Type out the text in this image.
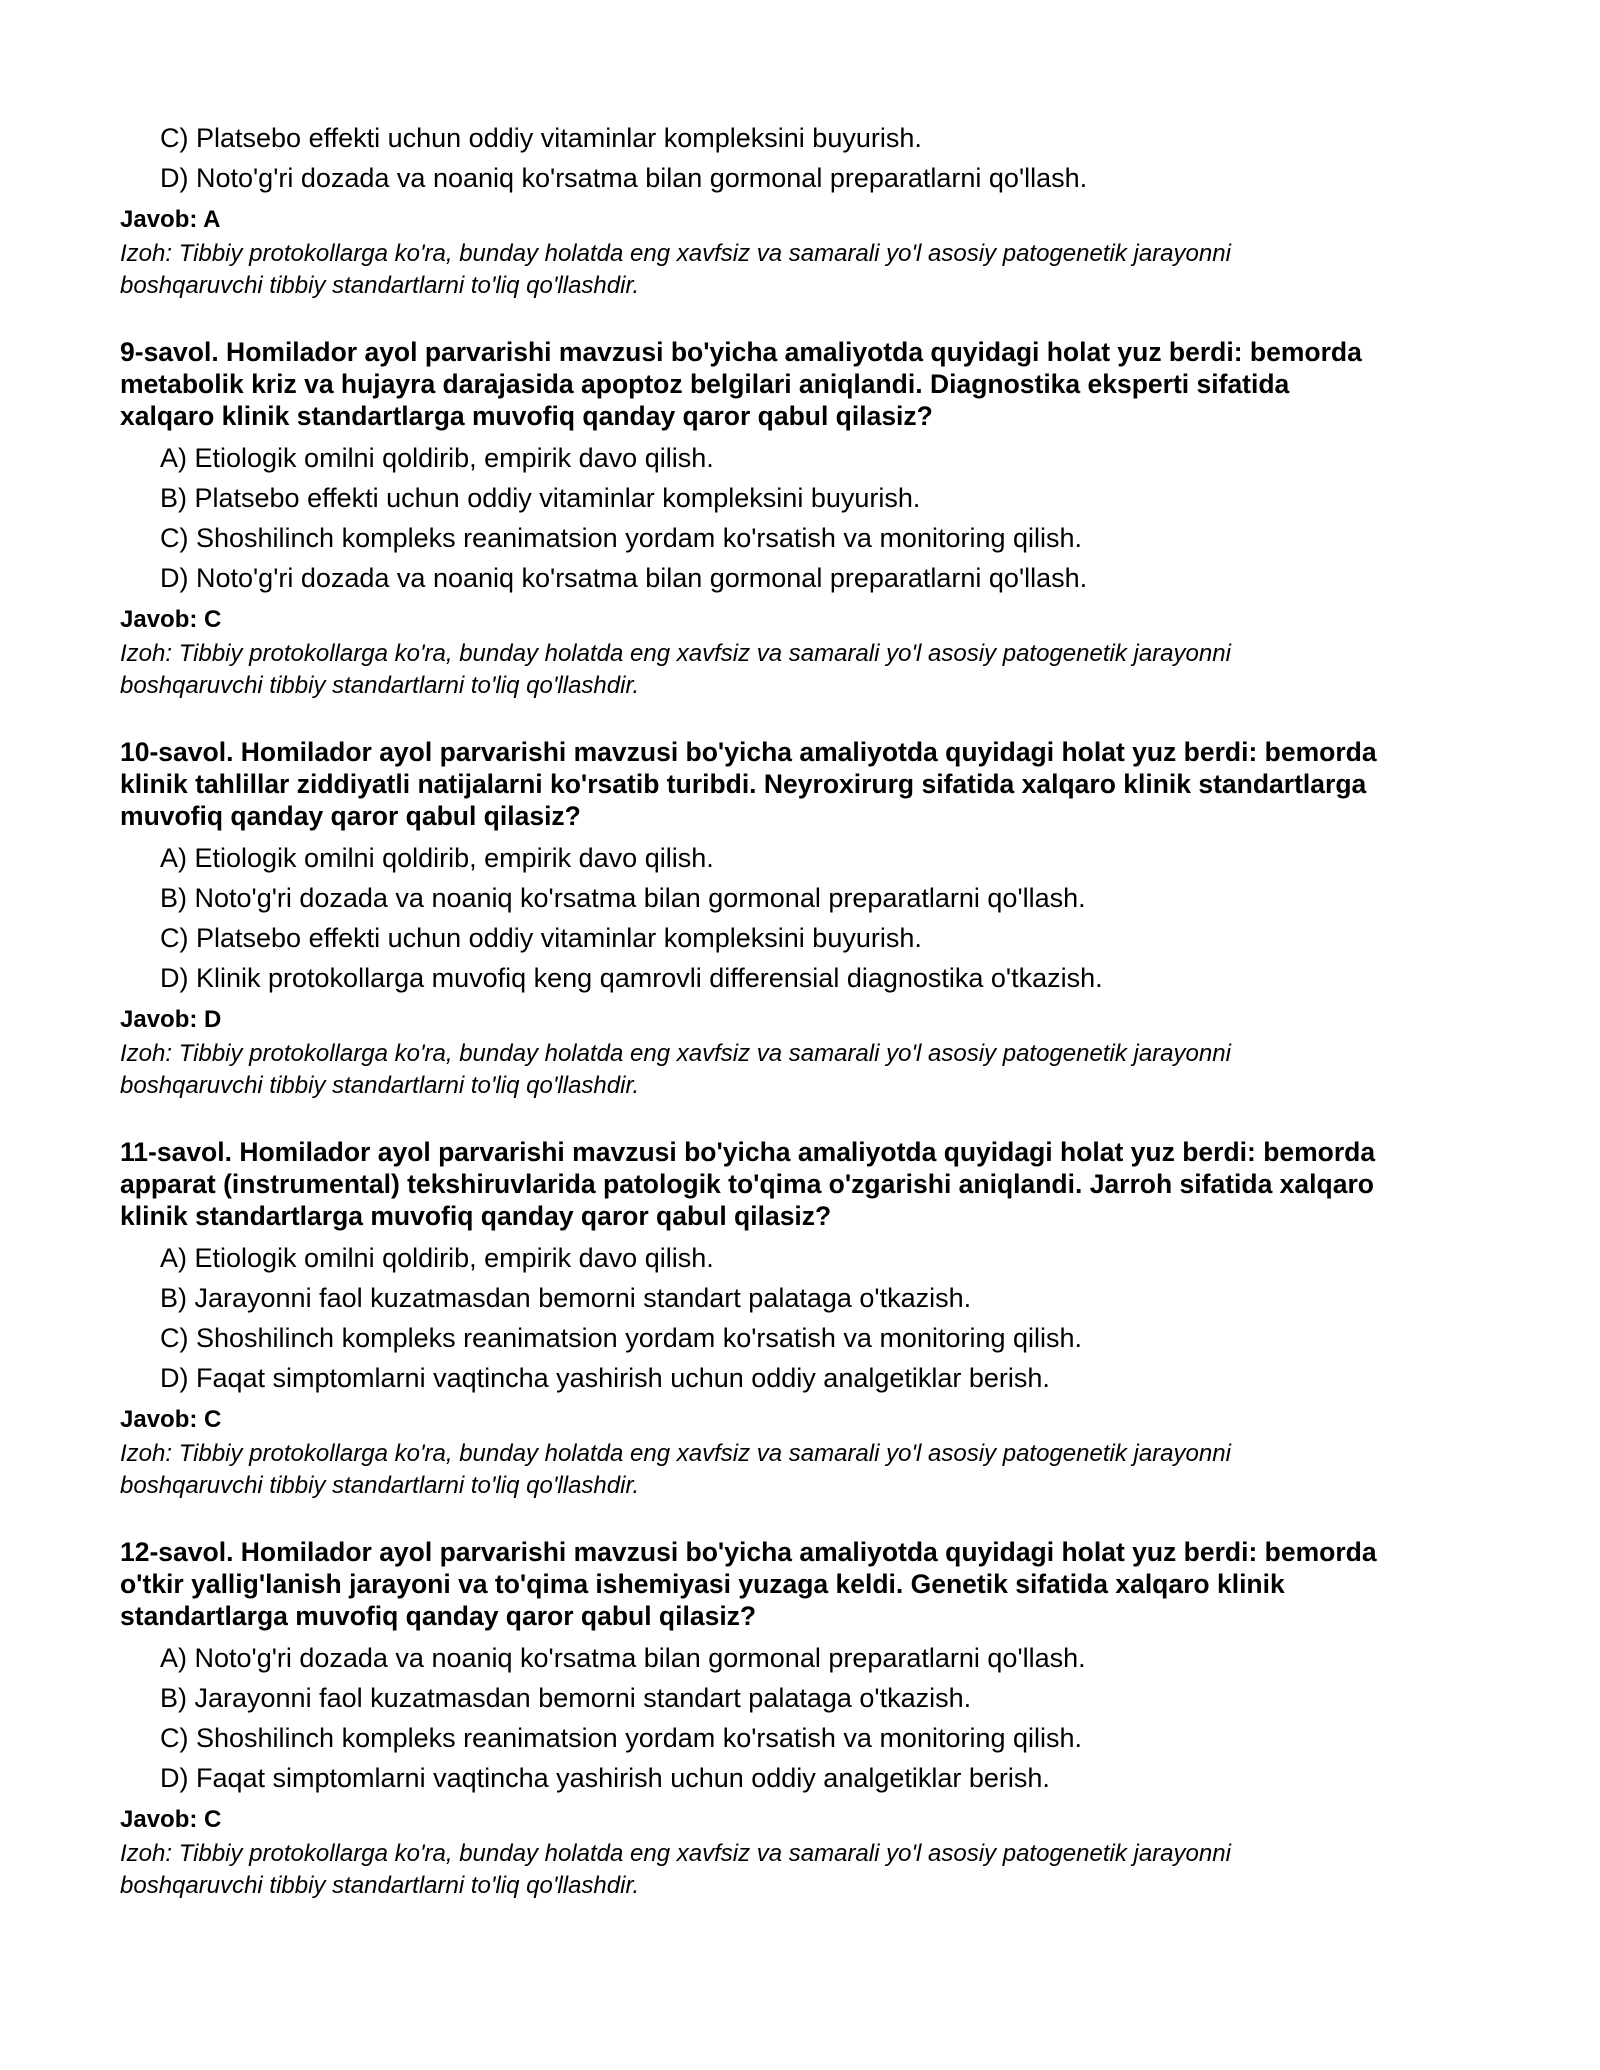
C) Platsebo effekti uchun oddiy vitaminlar kompleksini buyurish.
D) Noto'g'ri dozada va noaniq ko'rsatma bilan gormonal preparatlarni qo'llash.
Javob: A
Izoh: Tibbiy protokollarga ko'ra, bunday holatda eng xavfsiz va samarali yo'l asosiy patogenetik jarayonni
boshqaruvchi tibbiy standartlarni to'liq qo'llashdir.
9-savol. Homilador ayol parvarishi mavzusi bo'yicha amaliyotda quyidagi holat yuz berdi: bemorda
metabolik kriz va hujayra darajasida apoptoz belgilari aniqlandi. Diagnostika eksperti sifatida
xalqaro klinik standartlarga muvofiq qanday qaror qabul qilasiz?
A) Etiologik omilni qoldirib, empirik davo qilish.
B) Platsebo effekti uchun oddiy vitaminlar kompleksini buyurish.
C) Shoshilinch kompleks reanimatsion yordam ko'rsatish va monitoring qilish.
D) Noto'g'ri dozada va noaniq ko'rsatma bilan gormonal preparatlarni qo'llash.
Javob: C
Izoh: Tibbiy protokollarga ko'ra, bunday holatda eng xavfsiz va samarali yo'l asosiy patogenetik jarayonni
boshqaruvchi tibbiy standartlarni to'liq qo'llashdir.
10-savol. Homilador ayol parvarishi mavzusi bo'yicha amaliyotda quyidagi holat yuz berdi: bemorda
klinik tahlillar ziddiyatli natijalarni ko'rsatib turibdi. Neyroxirurg sifatida xalqaro klinik standartlarga
muvofiq qanday qaror qabul qilasiz?
A) Etiologik omilni qoldirib, empirik davo qilish.
B) Noto'g'ri dozada va noaniq ko'rsatma bilan gormonal preparatlarni qo'llash.
C) Platsebo effekti uchun oddiy vitaminlar kompleksini buyurish.
D) Klinik protokollarga muvofiq keng qamrovli differensial diagnostika o'tkazish.
Javob: D
Izoh: Tibbiy protokollarga ko'ra, bunday holatda eng xavfsiz va samarali yo'l asosiy patogenetik jarayonni
boshqaruvchi tibbiy standartlarni to'liq qo'llashdir.
11-savol. Homilador ayol parvarishi mavzusi bo'yicha amaliyotda quyidagi holat yuz berdi: bemorda
apparat (instrumental) tekshiruvlarida patologik to'qima o'zgarishi aniqlandi. Jarroh sifatida xalqaro
klinik standartlarga muvofiq qanday qaror qabul qilasiz?
A) Etiologik omilni qoldirib, empirik davo qilish.
B) Jarayonni faol kuzatmasdan bemorni standart palataga o'tkazish.
C) Shoshilinch kompleks reanimatsion yordam ko'rsatish va monitoring qilish.
D) Faqat simptomlarni vaqtincha yashirish uchun oddiy analgetiklar berish.
Javob: C
Izoh: Tibbiy protokollarga ko'ra, bunday holatda eng xavfsiz va samarali yo'l asosiy patogenetik jarayonni
boshqaruvchi tibbiy standartlarni to'liq qo'llashdir.
12-savol. Homilador ayol parvarishi mavzusi bo'yicha amaliyotda quyidagi holat yuz berdi: bemorda
o'tkir yallig'lanish jarayoni va to'qima ishemiyasi yuzaga keldi. Genetik sifatida xalqaro klinik
standartlarga muvofiq qanday qaror qabul qilasiz?
A) Noto'g'ri dozada va noaniq ko'rsatma bilan gormonal preparatlarni qo'llash.
B) Jarayonni faol kuzatmasdan bemorni standart palataga o'tkazish.
C) Shoshilinch kompleks reanimatsion yordam ko'rsatish va monitoring qilish.
D) Faqat simptomlarni vaqtincha yashirish uchun oddiy analgetiklar berish.
Javob: C
Izoh: Tibbiy protokollarga ko'ra, bunday holatda eng xavfsiz va samarali yo'l asosiy patogenetik jarayonni
boshqaruvchi tibbiy standartlarni to'liq qo'llashdir.
